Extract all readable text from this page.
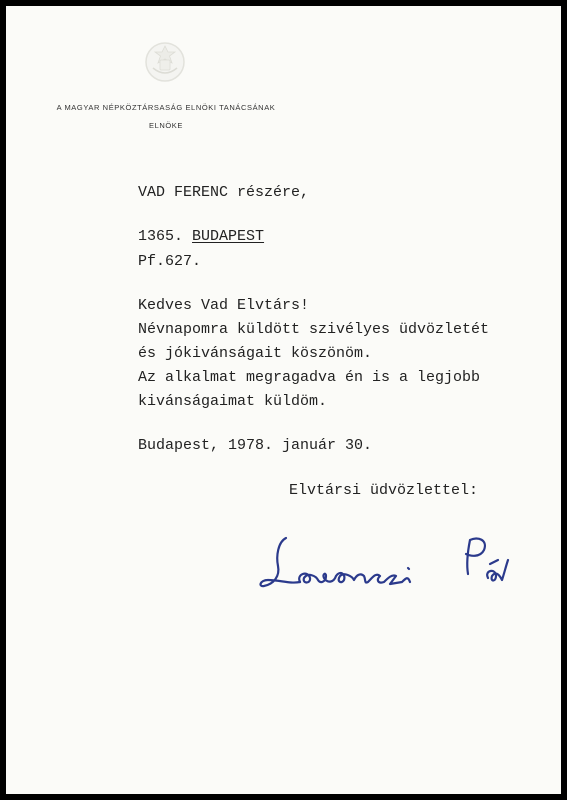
A MAGYAR NÉPKÖZTÁRSASÁG ELNÖKI TANÁCSÁNAK
ELNÖKE
VAD FERENC részére,
1365. BUDAPEST
Pf.627.
Kedves Vad Elvtárs!
Névnapomra küldött szivélyes üdvözletét
és jókivánságait köszönöm.
Az alkalmat megragadva én is a legjobb
kivánságaimat küldöm.
Budapest, 1978. január 30.
Elvtársi üdvözlettel:
